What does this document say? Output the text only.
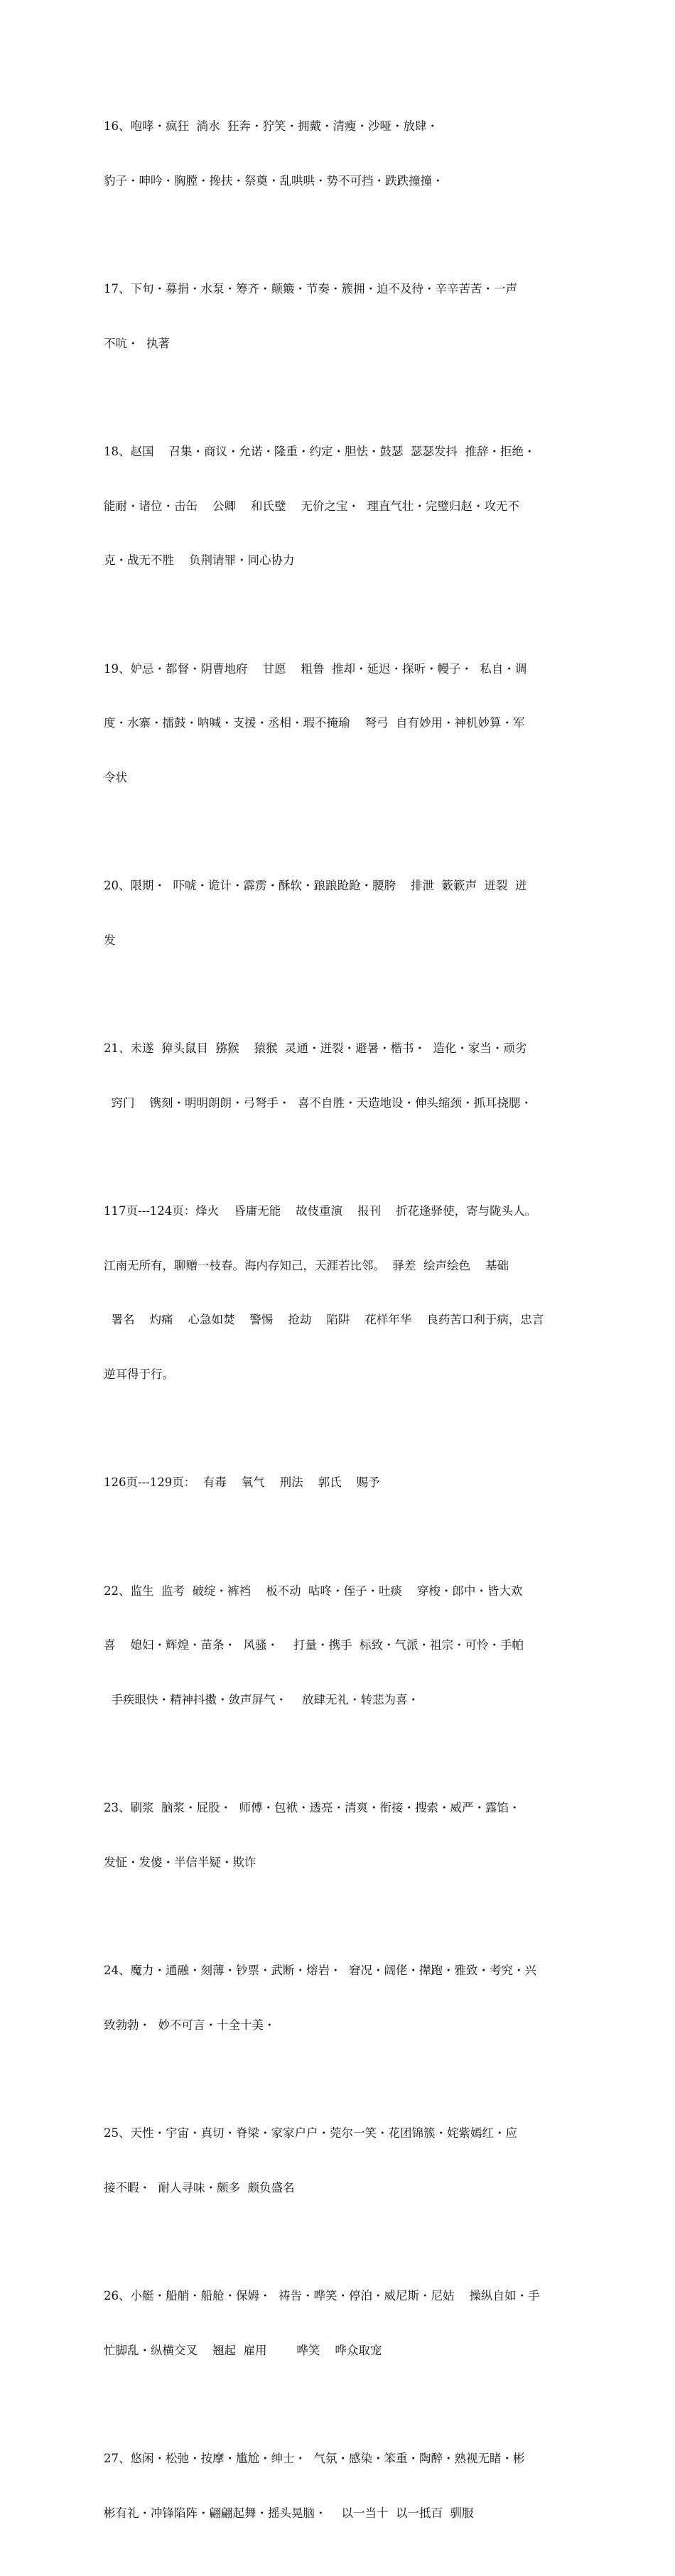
16、咆哮・疯狂  淌水  狂奔・狞笑・拥戴・清瘦・沙哑・放肆・

豹子・呻吟・胸膛・搀扶・祭奠・乱哄哄・势不可挡・跌跌撞撞・

17、下旬・募捐・水泵・筹齐・颠簸・节奏・簇拥・迫不及待・辛辛苦苦・一声

不吭・  执著

18、赵国    召集・商议・允诺・隆重・约定・胆怯・鼓瑟  瑟瑟发抖  推辞・拒绝・

能耐・诸位・击缶    公卿    和氏璧    无价之宝・  理直气壮・完璧归赵・攻无不

克・战无不胜    负荆请罪・同心协力

19、妒忌・都督・阴曹地府    甘愿    粗鲁  推却・延迟・探听・幔子・  私自・调

度・水寨・擂鼓・呐喊・支援・丞相・瑕不掩瑜    弩弓  自有妙用・神机妙算・军

令状

20、限期・  吓唬・诡计・霹雳・酥软・踉踉跄跄・腰胯    排泄  簌簌声  迸裂  迸

发

21、未遂  獐头鼠目  猕猴    猿猴  灵通・迸裂・避暑・楷书・  造化・家当・顽劣

窍门    镌刻・明明朗朗・弓弩手・  喜不自胜・天造地设・伸头缩颈・抓耳挠腮・

117页---124页：烽火    昏庸无能    故伎重演    报刊    折花逢驿使，寄与陇头人。

江南无所有，聊赠一枝春。海内存知己，天涯若比邻。  驿差  绘声绘色    基础

署名    灼痛    心急如焚    警惕    抢劫    陷阱    花样年华    良药苦口利于病，忠言

逆耳得于行。

126页---129页：  有毒    氧气    刑法    郭氏    赐予

22、监生  监考  破绽・裤裆    板不动  咕咚・侄子・吐痰    穿梭・郎中・皆大欢

喜    媳妇・辉煌・苗条・  风骚・    打量・携手  标致・气派・祖宗・可怜・手帕

手疾眼快・精神抖擞・敛声屏气・    放肆无礼・转悲为喜・

23、刷浆  脑浆・屁股・  师傅・包袱・透亮・清爽・衔接・搜索・威严・露馅・

发怔・发傻・半信半疑・欺诈

24、魔力・通融・刻薄・钞票・武断・熔岩・  窘况・阔佬・撵跑・雅致・考究・兴

致勃勃・  妙不可言・十全十美・

25、天性・宇宙・真切・脊梁・家家户户・莞尔一笑・花团锦簇・姹紫嫣红・应

接不暇・  耐人寻味・颇多  颇负盛名

26、小艇・船艄・船舱・保姆・  祷告・哗笑・停泊・威尼斯・尼姑    操纵自如・手

忙脚乱・纵横交叉    翘起  雇用        哗笑    哗众取宠

27、悠闲・松弛・按摩・尴尬・绅士・  气氛・感染・笨重・陶醉・熟视无睹・彬

彬有礼・冲锋陷阵・翩翩起舞・摇头晃脑・    以一当十  以一抵百  驯服
